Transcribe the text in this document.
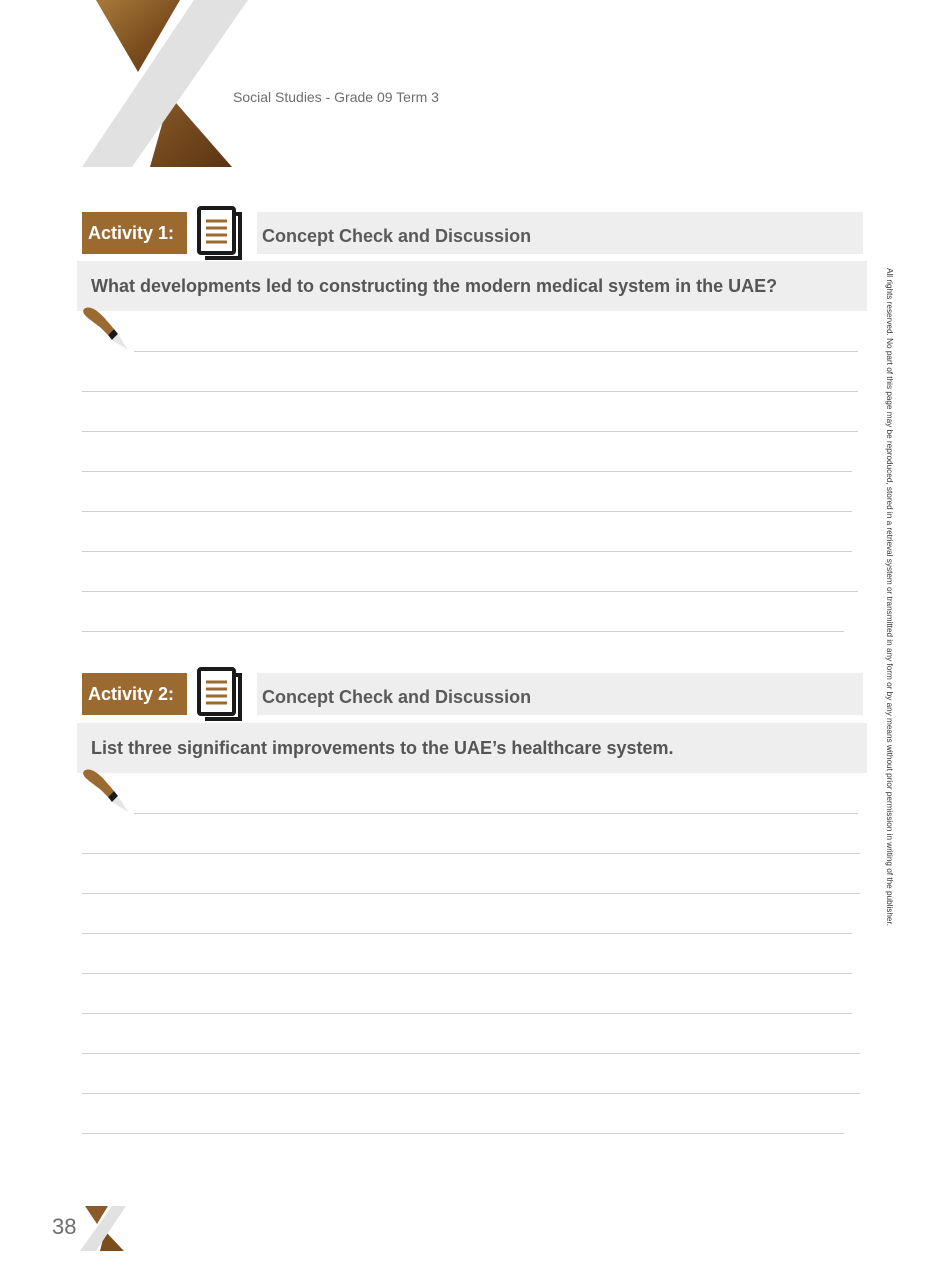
Social Studies - Grade 09 Term 3
Activity 1:	Concept Check and Discussion
What developments led to constructing the modern medical system in the UAE?
Activity 2:	Concept Check and Discussion
List three significant improvements to the UAE’s healthcare system.	All rights reserved. No part of this page may be reproduced, stored in a retrieval system or transmitted in any form or by any means without prior permission in writing of the publisher.
38
